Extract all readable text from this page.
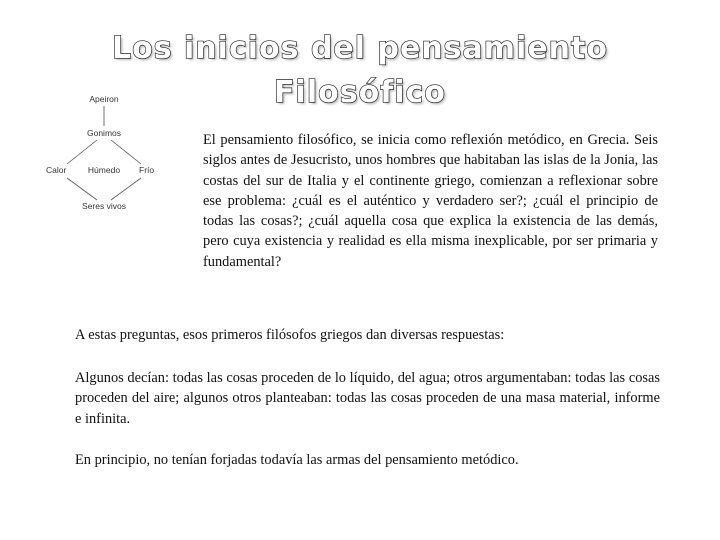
Los inicios del pensamiento
Filosófico
Apeiron
Gonimos
Calor	Húmedo Frío
Seres vivos

El pensamiento filosófico, se inicia como reflexión metódico, en Grecia. Seis siglos antes de Jesucristo, unos hombres que habitaban las islas de la Jonia, las costas del sur de Italia y el continente griego, comienzan a reflexionar sobre ese problema: ¿cuál es el auténtico y verdadero ser?; ¿cuál el principio de todas las cosas?; ¿cuál aquella cosa que explica la existencia de las demás, pero cuya existencia y realidad es ella misma inexplicable, por ser primaria y fundamental?

A estas preguntas, esos primeros filósofos griegos dan diversas respuestas:

Algunos decían: todas las cosas proceden de lo líquido, del agua; otros argumentaban: todas las cosas proceden del aire; algunos otros planteaban: todas las cosas proceden de una masa material, informe e infinita.

En principio, no tenían forjadas todavía las armas del pensamiento metódico.
